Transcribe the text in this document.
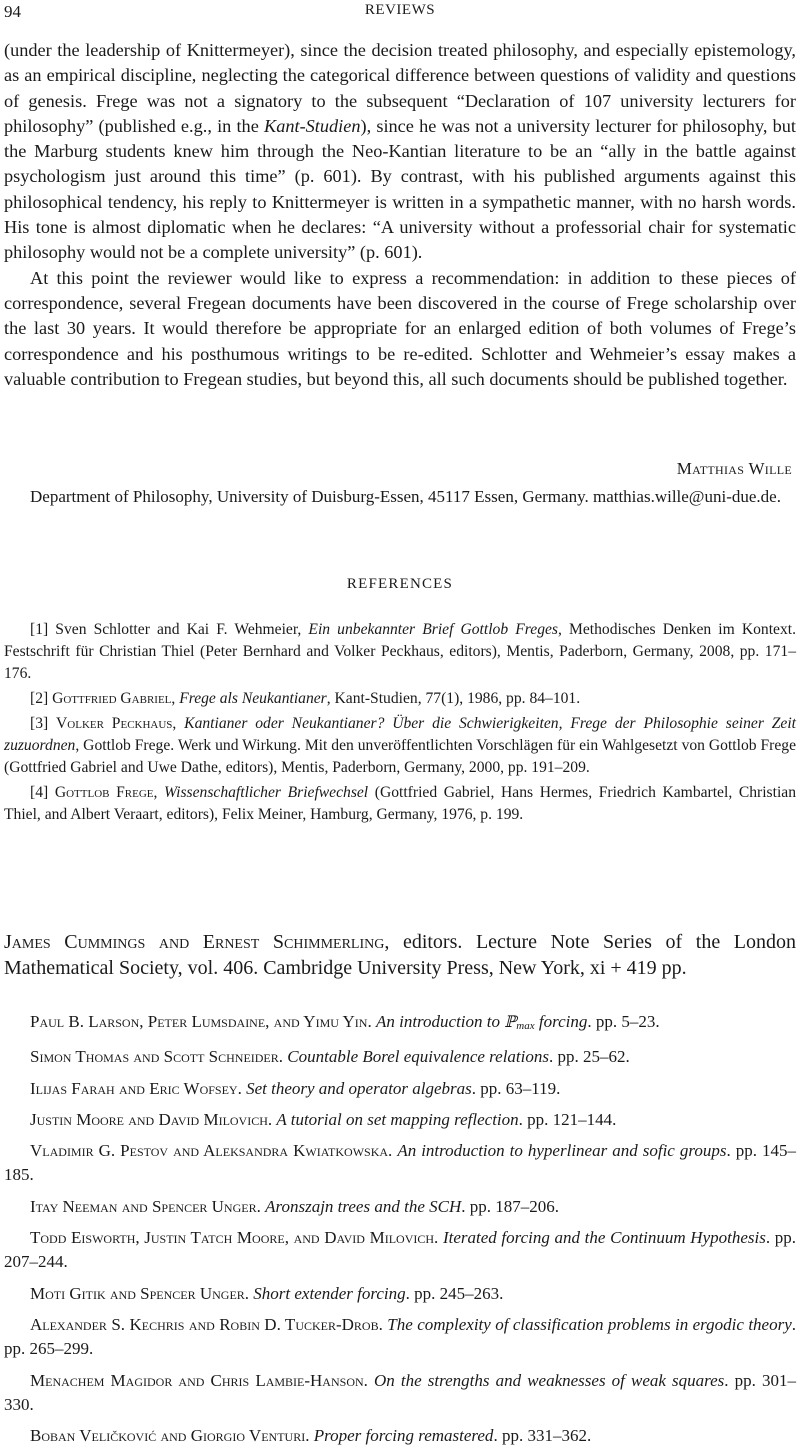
94	REVIEWS

(under the leadership of Knittermeyer), since the decision treated philosophy, and especially epistemology, as an empirical discipline, neglecting the categorical difference between questions of validity and questions of genesis. Frege was not a signatory to the subsequent “Declaration of 107 university lecturers for philosophy” (published e.g., in the Kant-Studien), since he was not a university lecturer for philosophy, but the Marburg students knew him through the Neo-Kantian literature to be an “ally in the battle against psychologism just around this time” (p. 601). By contrast, with his published arguments against this philosophical tendency, his reply to Knittermeyer is written in a sympathetic manner, with no harsh words. His tone is almost diplomatic when he declares: “A university without a professorial chair for systematic philosophy would not be a complete university” (p. 601).

At this point the reviewer would like to express a recommendation: in addition to these pieces of correspondence, several Fregean documents have been discovered in the course of Frege scholarship over the last 30 years. It would therefore be appropriate for an enlarged edition of both volumes of Frege’s correspondence and his posthumous writings to be re-edited. Schlotter and Wehmeier’s essay makes a valuable contribution to Fregean studies, but beyond this, all such documents should be published together.

Matthias Wille
Department of Philosophy, University of Duisburg-Essen, 45117 Essen, Germany. matthias.wille@uni-due.de.
REFERENCES

[1] Sven Schlotter and Kai F. Wehmeier, Ein unbekannter Brief Gottlob Freges, Methodisches Denken im Kontext. Festschrift für Christian Thiel (Peter Bernhard and Volker Peckhaus, editors), Mentis, Paderborn, Germany, 2008, pp. 171–176.

[2] Gottfried Gabriel, Frege als Neukantianer, Kant-Studien, 77(1), 1986, pp. 84–101.

[3] Volker Peckhaus, Kantianer oder Neukantianer? Über die Schwierigkeiten, Frege der Philosophie seiner Zeit zuzuordnen, Gottlob Frege. Werk und Wirkung. Mit den unveröffentlichten Vorschlägen für ein Wahlgesetzt von Gottlob Frege (Gottfried Gabriel and Uwe Dathe, editors), Mentis, Paderborn, Germany, 2000, pp. 191–209.

[4] Gottlob Frege, Wissenschaftlicher Briefwechsel (Gottfried Gabriel, Hans Hermes, Friedrich Kambartel, Christian Thiel, and Albert Veraart, editors), Felix Meiner, Hamburg, Germany, 1976, p. 199.

James Cummings and Ernest Schimmerling, editors. Lecture Note Series of the London Mathematical Society, vol. 406. Cambridge University Press, New York, xi + 419 pp.
Paul B. Larson, Peter Lumsdaine, and Yimu Yin. An introduction to ℙmax forcing. pp. 5–23.
Simon Thomas and Scott Schneider. Countable Borel equivalence relations. pp. 25–62.
Ilijas Farah and Eric Wofsey. Set theory and operator algebras. pp. 63–119.
Justin Moore and David Milovich. A tutorial on set mapping reflection. pp. 121–144.
Vladimir G. Pestov and Aleksandra Kwiatkowska. An introduction to hyperlinear and sofic groups. pp. 145–185.
Itay Neeman and Spencer Unger. Aronszajn trees and the SCH. pp. 187–206.
Todd Eisworth, Justin Tatch Moore, and David Milovich. Iterated forcing and the Continuum Hypothesis. pp. 207–244.
Moti Gitik and Spencer Unger. Short extender forcing. pp. 245–263.
Alexander S. Kechris and Robin D. Tucker-Drob. The complexity of classification problems in ergodic theory. pp. 265–299.
Menachem Magidor and Chris Lambie-Hanson. On the strengths and weaknesses of weak squares. pp. 301–330.
Boban Veličković and Giorgio Venturi. Proper forcing remastered. pp. 331–362.
